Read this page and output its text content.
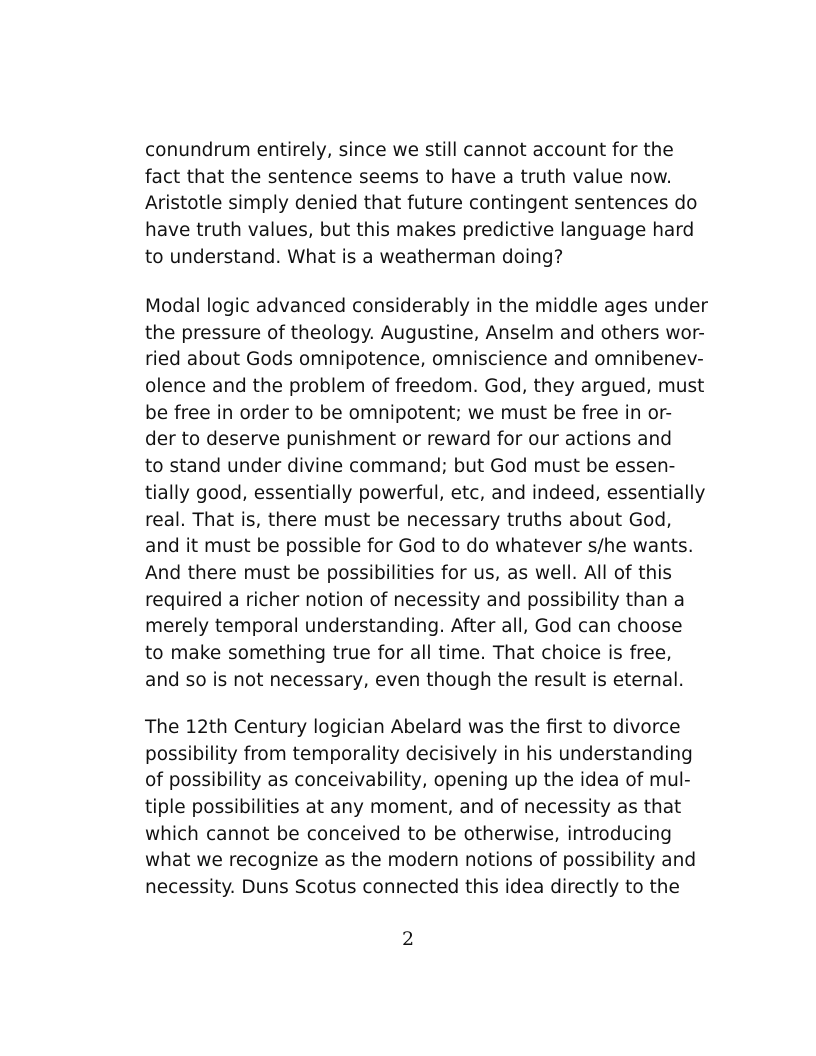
conundrum entirely, since we still cannot account for the
fact that the sentence seems to have a truth value now.
Aristotle simply denied that future contingent sentences do
have truth values, but this makes predictive language hard
to understand. What is a weatherman doing?

Modal logic advanced considerably in the middle ages under
the pressure of theology. Augustine, Anselm and others wor-
ried about Gods omnipotence, omniscience and omnibenev-
olence and the problem of freedom. God, they argued, must
be free in order to be omnipotent; we must be free in or-
der to deserve punishment or reward for our actions and
to stand under divine command; but God must be essen-
tially good, essentially powerful, etc, and indeed, essentially
real. That is, there must be necessary truths about God,
and it must be possible for God to do whatever s/he wants.
And there must be possibilities for us, as well. All of this
required a richer notion of necessity and possibility than a
merely temporal understanding. After all, God can choose
to make something true for all time. That choice is free,
and so is not necessary, even though the result is eternal.

The 12th Century logician Abelard was the first to divorce
possibility from temporality decisively in his understanding
of possibility as conceivability, opening up the idea of mul-
tiple possibilities at any moment, and of necessity as that
which cannot be conceived to be otherwise, introducing
what we recognize as the modern notions of possibility and
necessity. Duns Scotus connected this idea directly to the

2
